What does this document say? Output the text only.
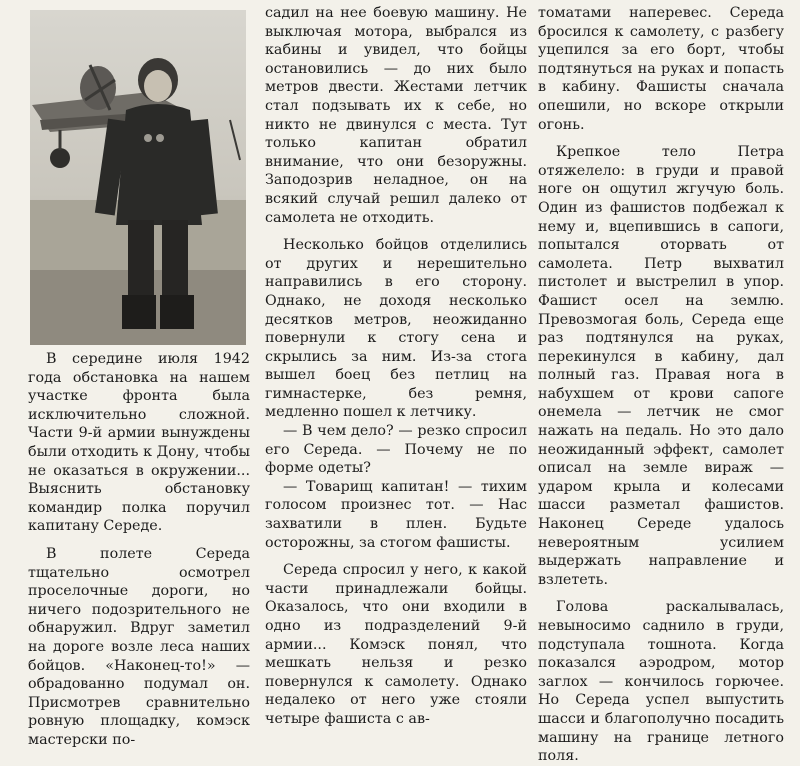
В середине июля 1942 года обстановка на нашем участке фронта была исключительно сложной. Части 9-й армии вынуждены были отходить к Дону, чтобы не оказаться в окружении... Выяснить обстановку командир полка поручил капитану Середе.

В полете Середа тщательно осмотрел проселочные дороги, но ничего подозрительного не обнаружил. Вдруг заметил на дороге возле леса наших бойцов. «Наконец-то!» — обрадованно подумал он. Присмотрев сравнительно ровную площадку, комэск мастерски по-

садил на нее боевую машину. Не выключая мотора, выбрался из кабины и увидел, что бойцы остановились — до них было метров двести. Жестами летчик стал подзывать их к себе, но никто не двинулся с места. Тут только капитан обратил внимание, что они безоружны. Заподозрив неладное, он на всякий случай решил далеко от самолета не отходить.

Несколько бойцов отделились от других и нерешительно направились в его сторону. Однако, не доходя несколько десятков метров, неожиданно повернули к стогу сена и скрылись за ним. Из-за стога вышел боец без петлиц на гимнастерке, без ремня, медленно пошел к летчику.

— В чем дело? — резко спросил его Середа. — Почему не по форме одеты?

— Товарищ капитан! — тихим голосом произнес тот. — Нас захватили в плен. Будьте осторожны, за стогом фашисты.

Середа спросил у него, к какой части принадлежали бойцы. Оказалось, что они входили в одно из подразделений 9-й армии... Комэск понял, что мешкать нельзя и резко повернулся к самолету. Однако недалеко от него уже стояли четыре фашиста с ав-

томатами наперевес. Середа бросился к самолету, с разбегу уцепился за его борт, чтобы подтянуться на руках и попасть в кабину. Фашисты сначала опешили, но вскоре открыли огонь.

Крепкое тело Петра отяжелело: в груди и правой ноге он ощутил жгучую боль. Один из фашистов подбежал к нему и, вцепившись в сапоги, попытался оторвать от самолета. Петр выхватил пистолет и выстрелил в упор. Фашист осел на землю. Превозмогая боль, Середа еще раз подтянулся на руках, перекинулся в кабину, дал полный газ. Правая нога в набухшем от крови сапоге онемела — летчик не смог нажать на педаль. Но это дало неожиданный эффект, самолет описал на земле вираж — ударом крыла и колесами шасси разметал фашистов. Наконец Середе удалось невероятным усилием выдержать направление и взлететь.

Голова раскалывалась, невыносимо саднило в груди, подступала тошнота. Когда показался аэродром, мотор заглох — кончилось горючее. Но Середа успел выпустить шасси и благополучно посадить машину на границе летного поля.
